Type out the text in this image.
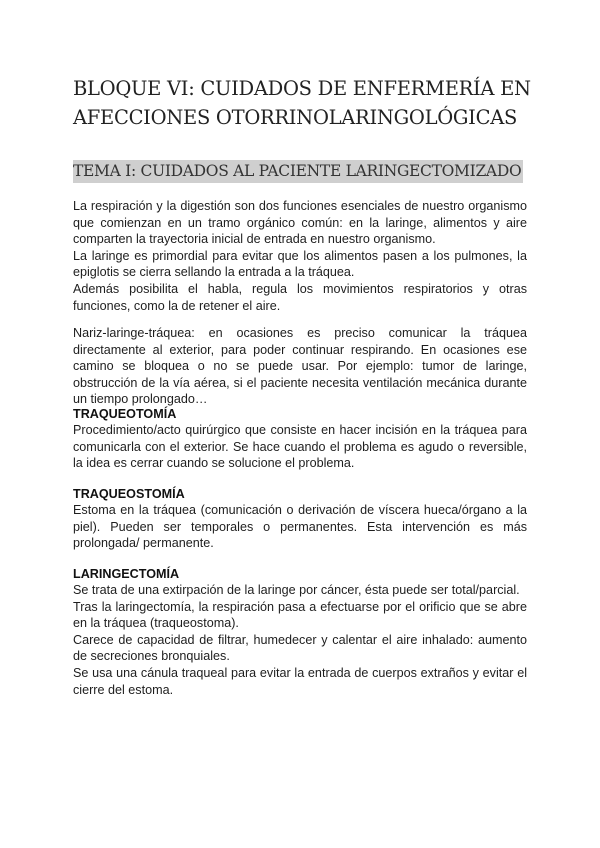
BLOQUE VI: CUIDADOS DE ENFERMERÍA EN
AFECCIONES OTORRINOLARINGOLÓGICAS
TEMA I: CUIDADOS AL PACIENTE LARINGECTOMIZADO

La respiración y la digestión son dos funciones esenciales de nuestro organismo que comienzan en un tramo orgánico común: en la laringe, alimentos y aire comparten la trayectoria inicial de entrada en nuestro organismo.

La laringe es primordial para evitar que los alimentos pasen a los pulmones, la epiglotis se cierra sellando la entrada a la tráquea.

Además posibilita el habla, regula los movimientos respiratorios y otras funciones, como la de retener el aire.

Nariz-laringe-tráquea: en ocasiones es preciso comunicar la tráquea directamente al exterior, para poder continuar respirando. En ocasiones ese camino se bloquea o no se puede usar. Por ejemplo: tumor de laringe, obstrucción de la vía aérea, si el paciente necesita ventilación mecánica durante un tiempo prolongado…

TRAQUEOTOMÍA

Procedimiento/acto quirúrgico que consiste en hacer incisión en la tráquea para comunicarla con el exterior. Se hace cuando el problema es agudo o reversible, la idea es cerrar cuando se solucione el problema.

TRAQUEOSTOMÍA

Estoma en la tráquea (comunicación o derivación de víscera hueca/órgano a la piel). Pueden ser temporales o permanentes. Esta intervención es más prolongada/ permanente.

LARINGECTOMÍA

Se trata de una extirpación de la laringe por cáncer, ésta puede ser total/parcial.

Tras la laringectomía, la respiración pasa a efectuarse por el orificio que se abre en la tráquea (traqueostoma).

Carece de capacidad de filtrar, humedecer y calentar el aire inhalado: aumento de secreciones bronquiales.

Se usa una cánula traqueal para evitar la entrada de cuerpos extraños y evitar el cierre del estoma.
